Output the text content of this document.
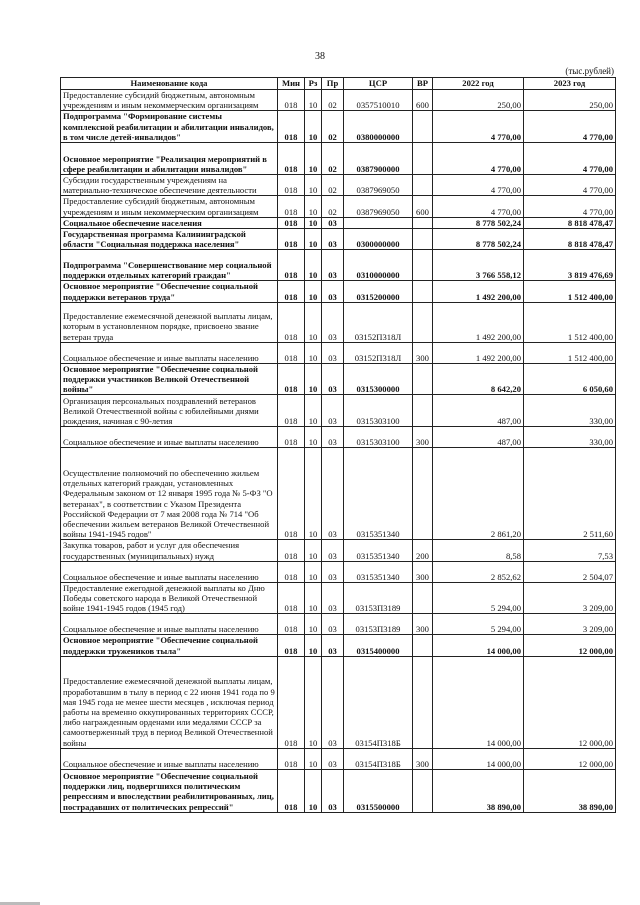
38
(тыс.рублей)
Наименование кода	Мин	Рз	Пр	ЦСР	ВР	2022 год	2023 год
Предоставление субсидий бюджетным, автономным учреждениям и иным некоммерческим организациям	018	10	02	0357510010	600	250,00	250,00
Подпрограмма "Формирование системы комплексной реабилитации и абилитации инвалидов, в том числе детей-инвалидов"	018	10	02	0380000000		4 770,00	4 770,00
Основное мероприятие "Реализация мероприятий в сфере реабилитации и абилитации инвалидов"	018	10	02	0387900000		4 770,00	4 770,00
Субсидии государственным учреждениям на материально-техническое обеспечение деятельности	018	10	02	0387969050		4 770,00	4 770,00
Предоставление субсидий бюджетным, автономным учреждениям и иным некоммерческим организациям	018	10	02	0387969050	600	4 770,00	4 770,00
Социальное обеспечение населения	018	10	03			8 778 502,24	8 818 478,47
Государственная программа Калининградской области "Социальная поддержка населения"	018	10	03	0300000000		8 778 502,24	8 818 478,47
Подпрограмма "Совершенствование мер социальной поддержки отдельных категорий граждан"	018	10	03	0310000000		3 766 558,12	3 819 476,69
Основное мероприятие "Обеспечение социальной поддержки ветеранов труда"	018	10	03	0315200000		1 492 200,00	1 512 400,00
Предоставление ежемесячной денежной выплаты лицам, которым в установленном порядке, присвоено звание ветеран труда	018	10	03	03152П318Л		1 492 200,00	1 512 400,00
Социальное обеспечение и иные выплаты населению	018	10	03	03152П318Л	300	1 492 200,00	1 512 400,00
Основное мероприятие "Обеспечение социальной поддержки участников Великой Отечественной войны"	018	10	03	0315300000		8 642,20	6 050,60
Организация персональных поздравлений ветеранов Великой Отечественной войны с юбилейными днями рождения, начиная с 90-летия	018	10	03	0315303100		487,00	330,00
Социальное обеспечение и иные выплаты населению	018	10	03	0315303100	300	487,00	330,00
Осуществление полномочий по обеспечению жильем отдельных категорий граждан, установленных Федеральным законом от 12 января 1995 года № 5-ФЗ "О ветеранах", в соответствии с Указом Президента Российской Федерации от 7 мая 2008 года № 714 "Об обеспечении жильем ветеранов Великой Отечественной войны 1941-1945 годов"	018	10	03	0315351340		2 861,20	2 511,60
Закупка товаров, работ и услуг для обеспечения государственных (муниципальных) нужд	018	10	03	0315351340	200	8,58	7,53
Социальное обеспечение и иные выплаты населению	018	10	03	0315351340	300	2 852,62	2 504,07
Предоставление ежегодной денежной выплаты ко Дню Победы советского народа в Великой Отечественной войне 1941-1945 годов (1945 год)	018	10	03	03153П3189		5 294,00	3 209,00
Социальное обеспечение и иные выплаты населению	018	10	03	03153П3189	300	5 294,00	3 209,00
Основное мероприятие "Обеспечение социальной поддержки тружеников тыла"	018	10	03	0315400000		14 000,00	12 000,00
Предоставление ежемесячной денежной выплаты лицам, проработавшим в тылу в период с 22 июня 1941 года по 9 мая 1945 года не менее шести месяцев , исключая период работы на временно оккупированных территориях СССР, либо награжденным орденами или медалями СССР за самоотверженный труд в период Великой Отечественной войны	018	10	03	03154П318Б		14 000,00	12 000,00
Социальное обеспечение и иные выплаты населению	018	10	03	03154П318Б	300	14 000,00	12 000,00
Основное мероприятие "Обеспечение социальной поддержки лиц, подвергшихся политическим репрессиям и впоследствии реабилитированных, лиц, пострадавших от политических репрессий"	018	10	03	0315500000		38 890,00	38 890,00
